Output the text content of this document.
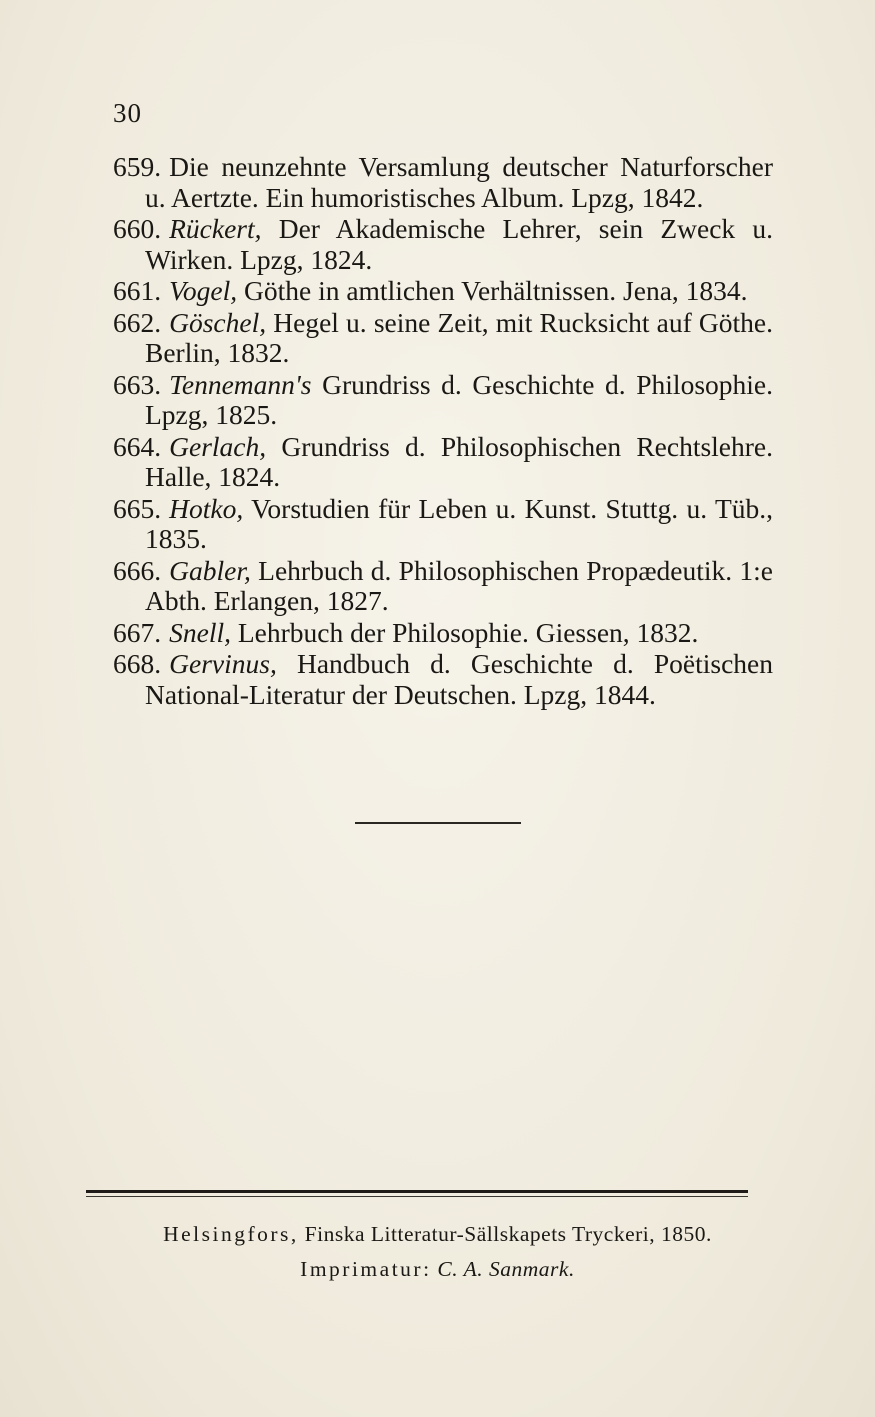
30

659. Die neunzehnte Versamlung deutscher Naturforscher u. Aertzte. Ein humoristisches Album. Lpzg, 1842.

660. Rückert, Der Akademische Lehrer, sein Zweck u. Wirken. Lpzg, 1824.

661. Vogel, Göthe in amtlichen Verhältnissen. Jena, 1834.

662. Göschel, Hegel u. seine Zeit, mit Rucksicht auf Göthe. Berlin, 1832.

663. Tennemann's Grundriss d. Geschichte d. Philosophie. Lpzg, 1825.

664. Gerlach, Grundriss d. Philosophischen Rechtslehre. Halle, 1824.

665. Hotko, Vorstudien für Leben u. Kunst. Stuttg. u. Tüb., 1835.

666. Gabler, Lehrbuch d. Philosophischen Propædeutik. 1:e Abth. Erlangen, 1827.

667. Snell, Lehrbuch der Philosophie. Giessen, 1832.

668. Gervinus, Handbuch d. Geschichte d. Poëtischen National-Literatur der Deutschen. Lpzg, 1844.

Helsingfors, Finska Litteratur-Sällskapets Tryckeri, 1850.
Imprimatur: C. A. Sanmark.
